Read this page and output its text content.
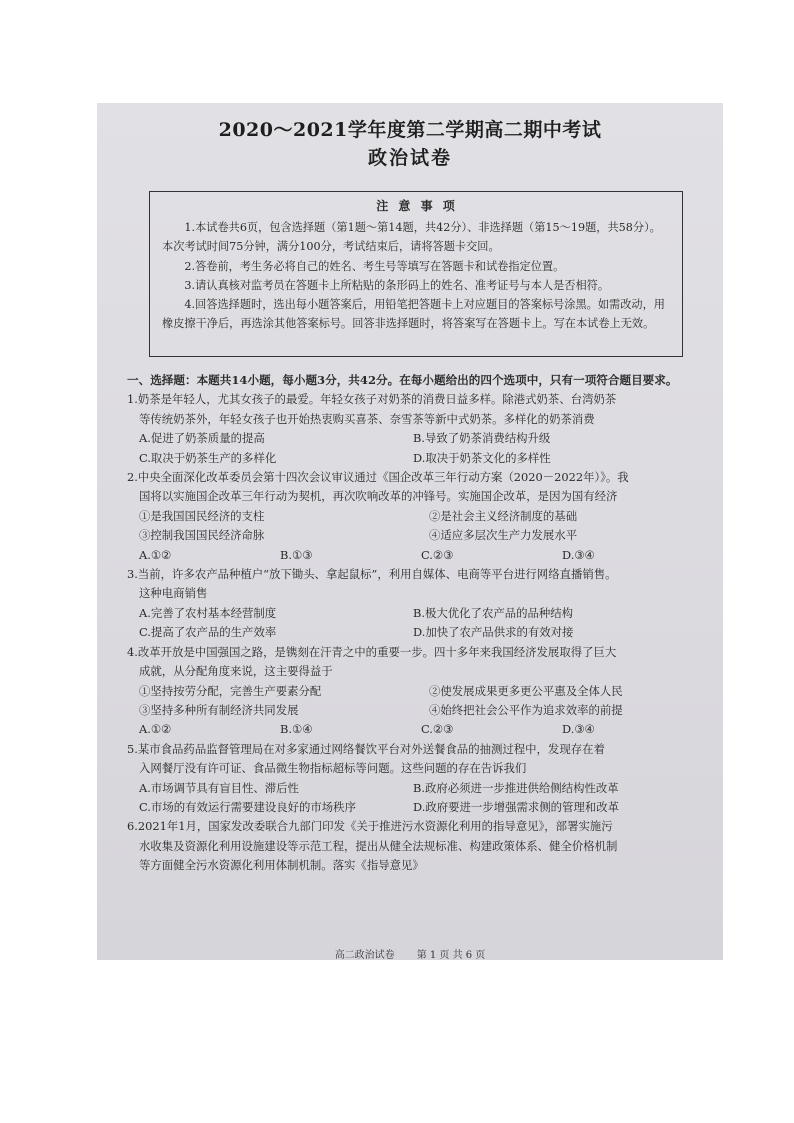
2020～2021学年度第二学期高二期中考试
政治试卷
注 意 事 项
1.本试卷共6页，包含选择题（第1题～第14题，共42分）、非选择题（第15～19题，共58分）。本次考试时间75分钟，满分100分，考试结束后，请将答题卡交回。
2.答卷前，考生务必将自己的姓名、考生号等填写在答题卡和试卷指定位置。
3.请认真核对监考员在答题卡上所粘贴的条形码上的姓名、准考证号与本人是否相符。
4.回答选择题时，选出每小题答案后，用铅笔把答题卡上对应题目的答案标号涂黑。如需改动，用橡皮擦干净后，再选涂其他答案标号。回答非选择题时，将答案写在答题卡上。写在本试卷上无效。
一、选择题：本题共14小题，每小题3分，共42分。在每小题给出的四个选项中，只有一项符合题目要求。
1.奶茶是年轻人，尤其女孩子的最爱。年轻女孩子对奶茶的消费日益多样。除港式奶茶、台湾奶茶
等传统奶茶外，年轻女孩子也开始热衷购买喜茶、奈雪茶等新中式奶茶。多样化的奶茶消费
A.促进了奶茶质量的提高	B.导致了奶茶消费结构升级
C.取决于奶茶生产的多样化	D.取决于奶茶文化的多样性
2.中央全面深化改革委员会第十四次会议审议通过《国企改革三年行动方案（2020－2022年）》。我
国将以实施国企改革三年行动为契机，再次吹响改革的冲锋号。实施国企改革，是因为国有经济
①是我国国民经济的支柱	②是社会主义经济制度的基础
③控制我国国民经济命脉	④适应多层次生产力发展水平
A.①②	B.①③	C.②③	D.③④
3.当前，许多农产品种植户“放下锄头、拿起鼠标”，利用自媒体、电商等平台进行网络直播销售。
这种电商销售
A.完善了农村基本经营制度	B.极大优化了农产品的品种结构
C.提高了农产品的生产效率	D.加快了农产品供求的有效对接
4.改革开放是中国强国之路，是镌刻在汗青之中的重要一步。四十多年来我国经济发展取得了巨大
成就，从分配角度来说，这主要得益于
①坚持按劳分配，完善生产要素分配	②使发展成果更多更公平惠及全体人民
③坚持多种所有制经济共同发展	④始终把社会公平作为追求效率的前提
A.①②	B.①④	C.②③	D.③④
5.某市食品药品监督管理局在对多家通过网络餐饮平台对外送餐食品的抽测过程中，发现存在着
入网餐厅没有许可证、食品微生物指标超标等问题。这些问题的存在告诉我们
A.市场调节具有盲目性、滞后性	B.政府必须进一步推进供给侧结构性改革
C.市场的有效运行需要建设良好的市场秩序	D.政府要进一步增强需求侧的管理和改革
6.2021年1月，国家发改委联合九部门印发《关于推进污水资源化利用的指导意见》，部署实施污
水收集及资源化利用设施建设等示范工程，提出从健全法规标准、构建政策体系、健全价格机制
等方面健全污水资源化利用体制机制。落实《指导意见》
高二政治试卷 第 1 页 共 6 页
